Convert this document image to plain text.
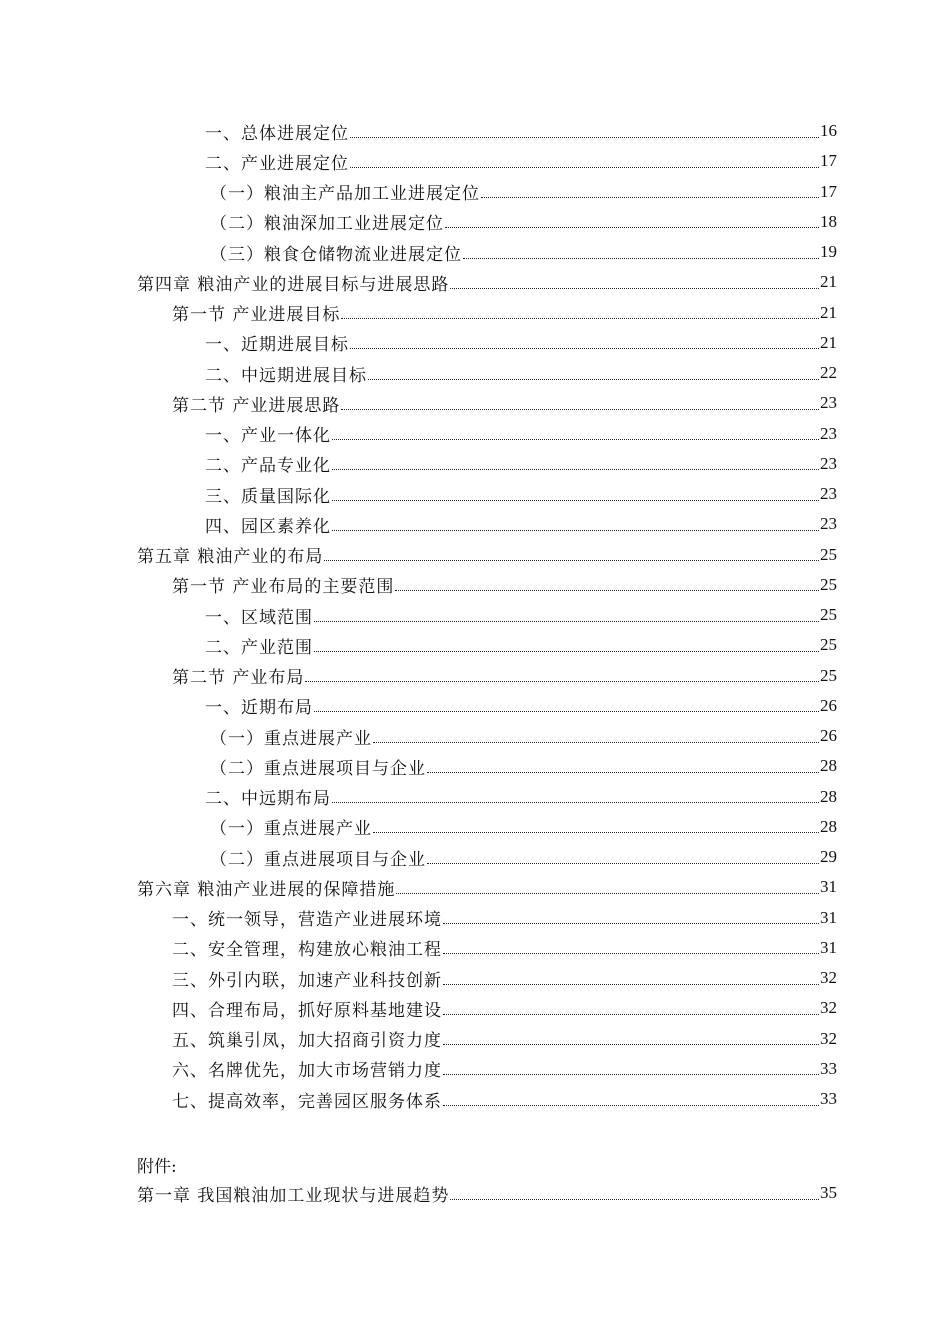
一、总体进展定位	16
二、产业进展定位	17
（一）粮油主产品加工业进展定位	17
（二）粮油深加工业进展定位	18
（三）粮食仓储物流业进展定位	19
第四章 粮油产业的进展目标与进展思路	21
第一节 产业进展目标	21
一、近期进展目标	21
二、中远期进展目标	22
第二节 产业进展思路	23
一、产业一体化	23
二、产品专业化	23
三、质量国际化	23
四、园区素养化	23
第五章 粮油产业的布局	25
第一节 产业布局的主要范围	25
一、区域范围	25
二、产业范围	25
第二节 产业布局	25
一、近期布局	26
（一）重点进展产业	26
（二）重点进展项目与企业	28
二、中远期布局	28
（一）重点进展产业	28
（二）重点进展项目与企业	29
第六章 粮油产业进展的保障措施	31
一、统一领导，营造产业进展环境	31
二、安全管理，构建放心粮油工程	31
三、外引内联，加速产业科技创新	32
四、合理布局，抓好原料基地建设	32
五、筑巢引凤，加大招商引资力度	32
六、名牌优先，加大市场营销力度	33
七、提高效率，完善园区服务体系	33
附件:
第一章 我国粮油加工业现状与进展趋势	35
